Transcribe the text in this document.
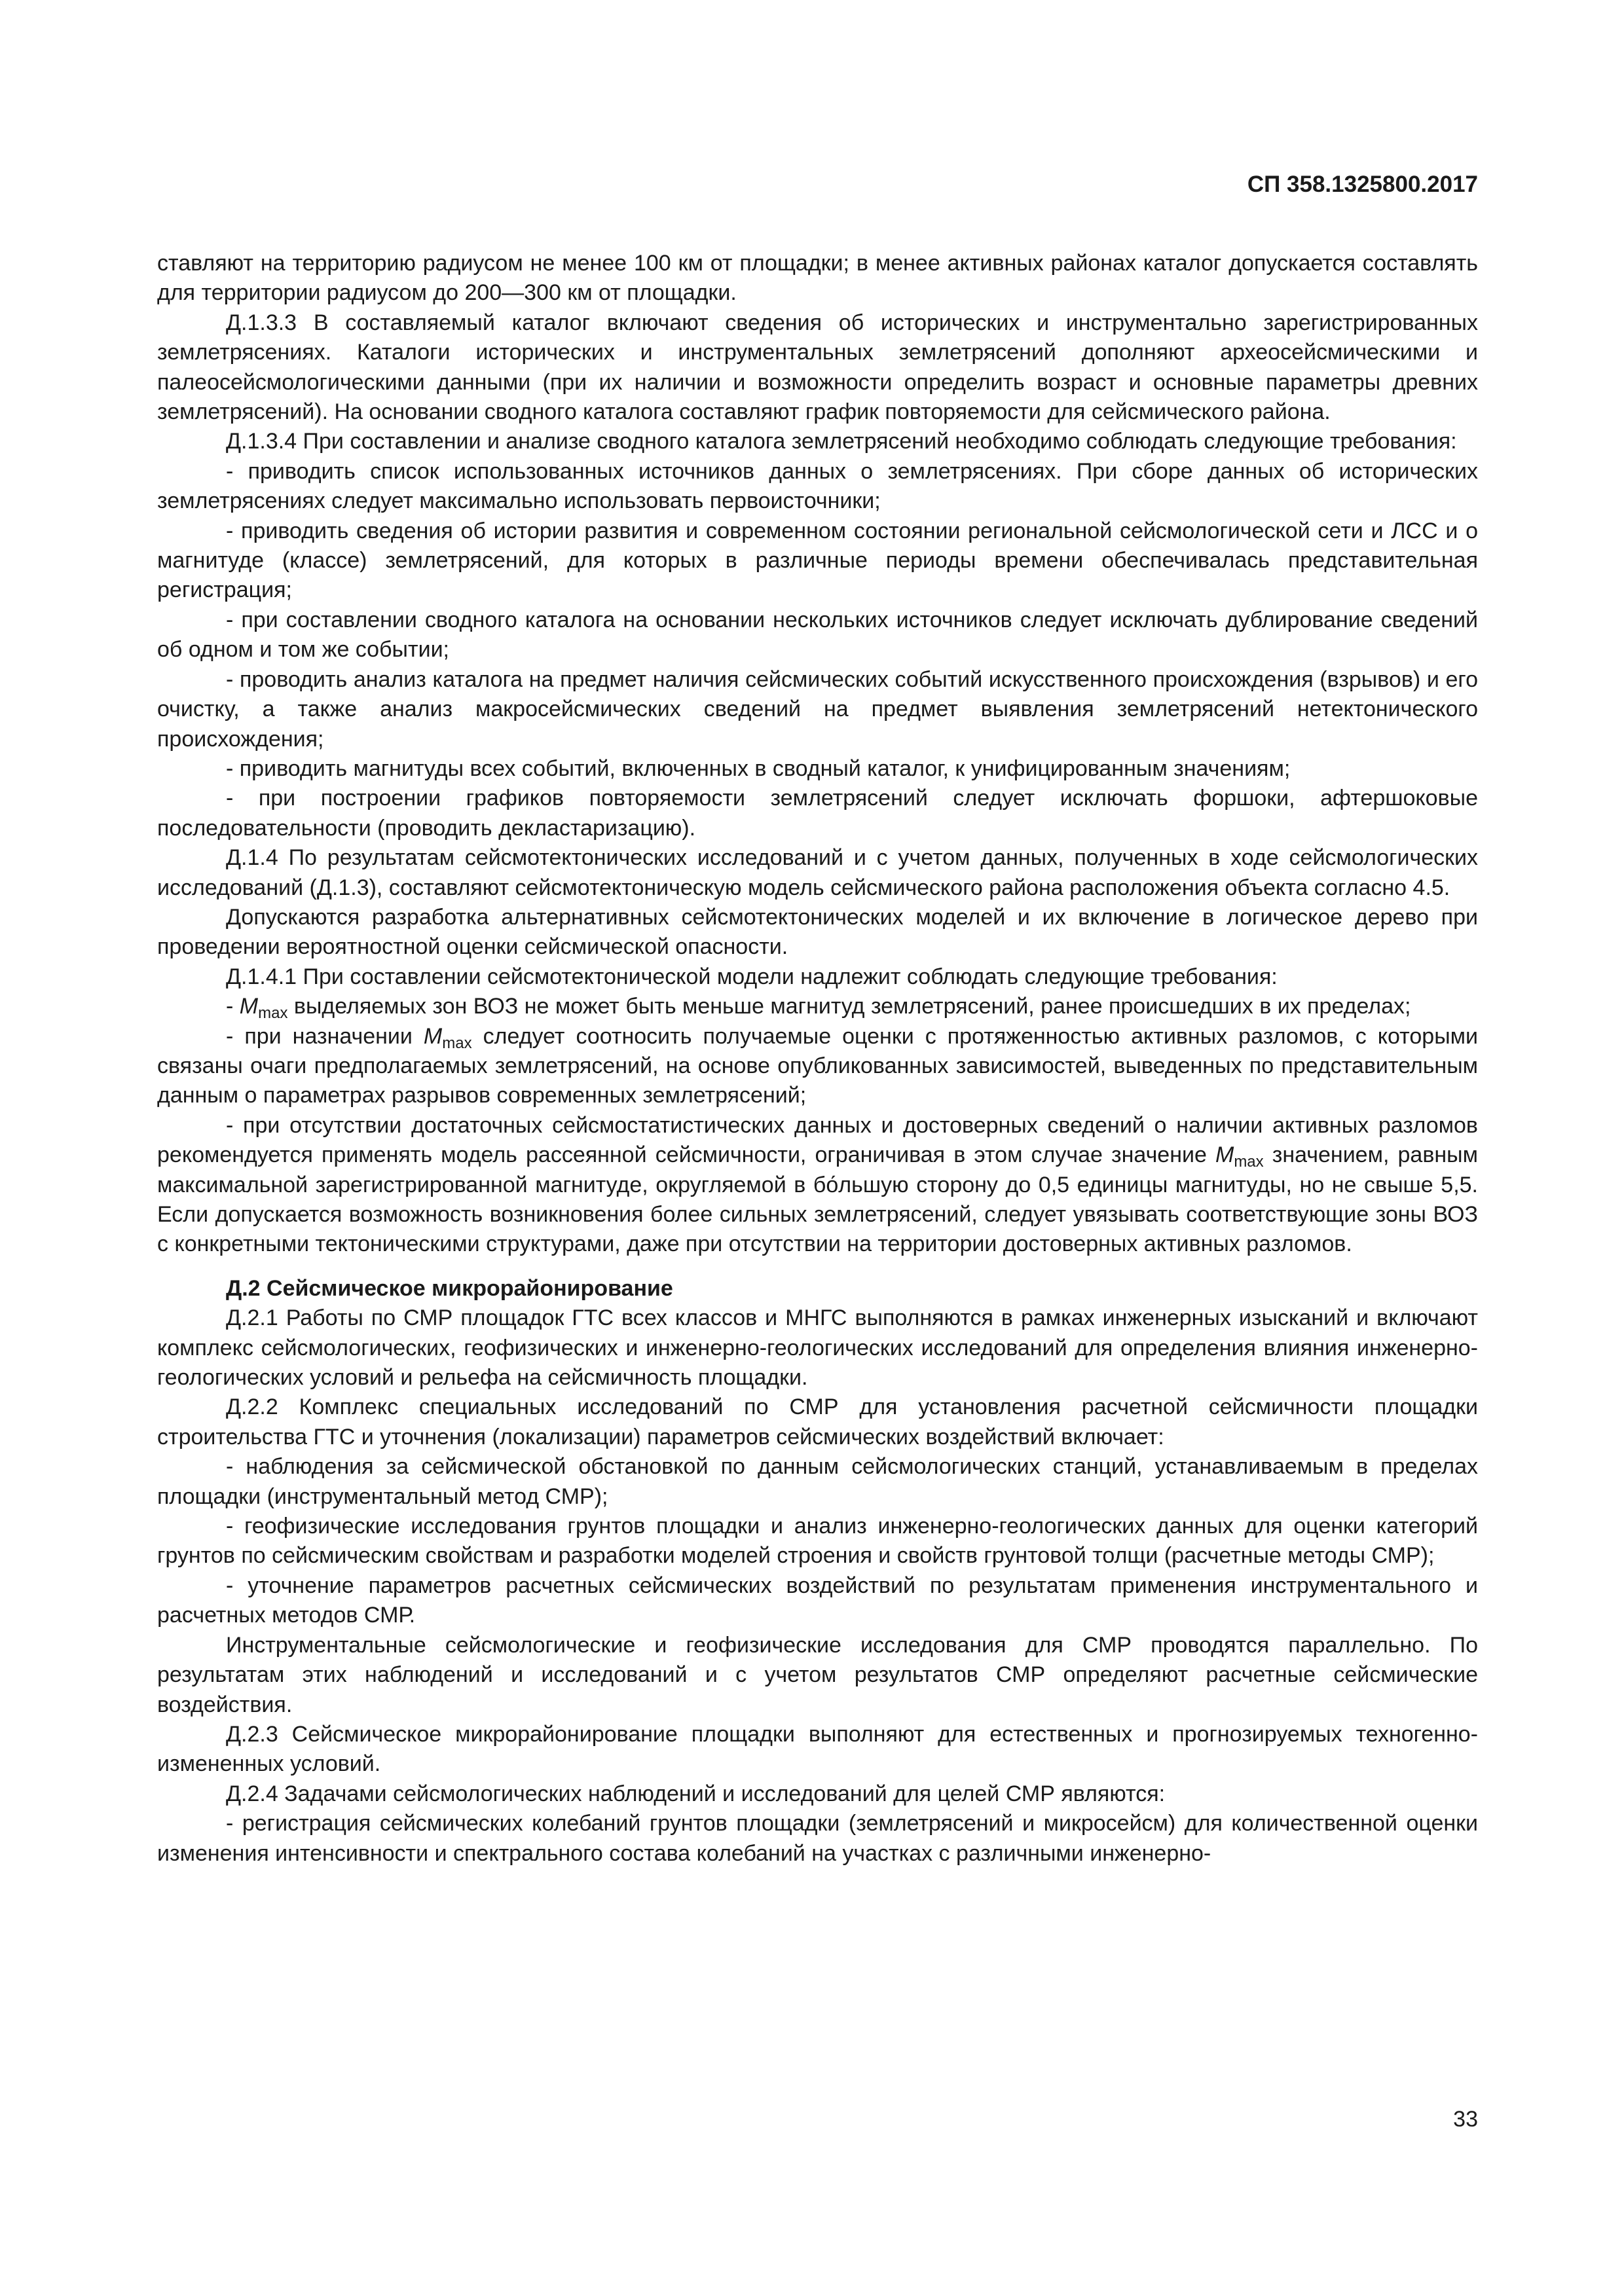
СП 358.1325800.2017

ставляют на территорию радиусом не менее 100 км от площадки; в менее активных районах каталог допускается составлять для территории радиусом до 200—300 км от площадки.

Д.1.3.3 В составляемый каталог включают сведения об исторических и инструментально зарегистрированных землетрясениях. Каталоги исторических и инструментальных землетрясений дополняют археосейсмическими и палеосейсмологическими данными (при их наличии и возможности определить возраст и основные параметры древних землетрясений). На основании сводного каталога составляют график повторяемости для сейсмического района.

Д.1.3.4 При составлении и анализе сводного каталога землетрясений необходимо соблюдать следующие требования:

- приводить список использованных источников данных о землетрясениях. При сборе данных об исторических землетрясениях следует максимально использовать первоисточники;

- приводить сведения об истории развития и современном состоянии региональной сейсмологической сети и ЛСС и о магнитуде (классе) землетрясений, для которых в различные периоды времени обеспечивалась представительная регистрация;

- при составлении сводного каталога на основании нескольких источников следует исключать дублирование сведений об одном и том же событии;

- проводить анализ каталога на предмет наличия сейсмических событий искусственного происхождения (взрывов) и его очистку, а также анализ макросейсмических сведений на предмет выявления землетрясений нетектонического происхождения;

- приводить магнитуды всех событий, включенных в сводный каталог, к унифицированным значениям;

- при построении графиков повторяемости землетрясений следует исключать форшоки, афтершоковые последовательности (проводить декластаризацию).

Д.1.4 По результатам сейсмотектонических исследований и с учетом данных, полученных в ходе сейсмологических исследований (Д.1.3), составляют сейсмотектоническую модель сейсмического района расположения объекта согласно 4.5.

Допускаются разработка альтернативных сейсмотектонических моделей и их включение в логическое дерево при проведении вероятностной оценки сейсмической опасности.

Д.1.4.1 При составлении сейсмотектонической модели надлежит соблюдать следующие требования:

- $M_{max}$ выделяемых зон ВОЗ не может быть меньше магнитуд землетрясений, ранее происшедших в их пределах;

- при назначении $M_{max}$ следует соотносить получаемые оценки с протяженностью активных разломов, с которыми связаны очаги предполагаемых землетрясений, на основе опубликованных зависимостей, выведенных по представительным данным о параметрах разрывов современных землетрясений;

- при отсутствии достаточных сейсмостатистических данных и достоверных сведений о наличии активных разломов рекомендуется применять модель рассеянной сейсмичности, ограничивая в этом случае значение $M_{max}$ значением, равным максимальной зарегистрированной магнитуде, округляемой в бо́льшую сторону до 0,5 единицы магнитуды, но не свыше 5,5. Если допускается возможность возникновения более сильных землетрясений, следует увязывать соответствующие зоны ВОЗ с конкретными тектоническими структурами, даже при отсутствии на территории достоверных активных разломов.

Д.2 Сейсмическое микрорайонирование

Д.2.1 Работы по СМР площадок ГТС всех классов и МНГС выполняются в рамках инженерных изысканий и включают комплекс сейсмологических, геофизических и инженерно-геологических исследований для определения влияния инженерно-геологических условий и рельефа на сейсмичность площадки.

Д.2.2 Комплекс специальных исследований по СМР для установления расчетной сейсмичности площадки строительства ГТС и уточнения (локализации) параметров сейсмических воздействий включает:

- наблюдения за сейсмической обстановкой по данным сейсмологических станций, устанавливаемым в пределах площадки (инструментальный метод СМР);

- геофизические исследования грунтов площадки и анализ инженерно-геологических данных для оценки категорий грунтов по сейсмическим свойствам и разработки моделей строения и свойств грунтовой толщи (расчетные методы СМР);

- уточнение параметров расчетных сейсмических воздействий по результатам применения инструментального и расчетных методов СМР.

Инструментальные сейсмологические и геофизические исследования для СМР проводятся параллельно. По результатам этих наблюдений и исследований и с учетом результатов СМР определяют расчетные сейсмические воздействия.

Д.2.3 Сейсмическое микрорайонирование площадки выполняют для естественных и прогнозируемых техногенно-измененных условий.

Д.2.4 Задачами сейсмологических наблюдений и исследований для целей СМР являются:

- регистрация сейсмических колебаний грунтов площадки (землетрясений и микросейсм) для количественной оценки изменения интенсивности и спектрального состава колебаний на участках с различными инженерно-

33
